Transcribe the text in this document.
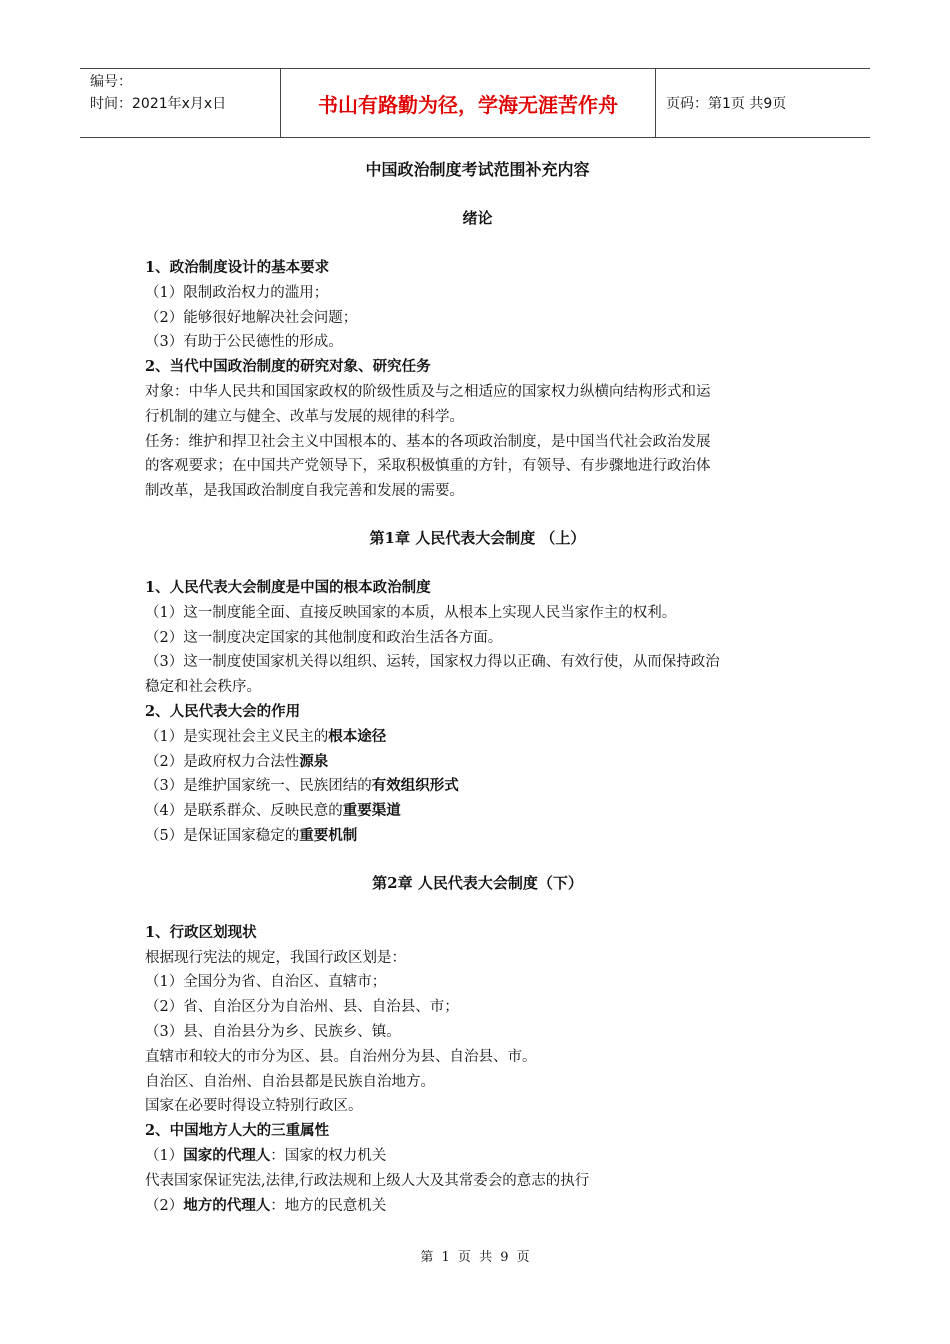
编号：
时间：2021年x月x日	书山有路勤为径，学海无涯苦作舟	页码：第1页 共9页
中国政治制度考试范围补充内容
绪论
1、政治制度设计的基本要求
（1）限制政治权力的滥用；
（2）能够很好地解决社会问题；
（3）有助于公民德性的形成。
2、当代中国政治制度的研究对象、研究任务
对象：中华人民共和国国家政权的阶级性质及与之相适应的国家权力纵横向结构形式和运
行机制的建立与健全、改革与发展的规律的科学。
任务：维护和捍卫社会主义中国根本的、基本的各项政治制度，是中国当代社会政治发展
的客观要求；在中国共产党领导下，采取积极慎重的方针，有领导、有步骤地进行政治体
制改革，是我国政治制度自我完善和发展的需要。
第1章 人民代表大会制度 （上）
1、人民代表大会制度是中国的根本政治制度
（1）这一制度能全面、直接反映国家的本质，从根本上实现人民当家作主的权利。
（2）这一制度决定国家的其他制度和政治生活各方面。
（3）这一制度使国家机关得以组织、运转，国家权力得以正确、有效行使，从而保持政治
稳定和社会秩序。
2、人民代表大会的作用
（1）是实现社会主义民主的根本途径
（2）是政府权力合法性源泉
（3）是维护国家统一、民族团结的有效组织形式
（4）是联系群众、反映民意的重要渠道
（5）是保证国家稳定的重要机制
第2章 人民代表大会制度（下）
1、行政区划现状
根据现行宪法的规定，我国行政区划是：
（1）全国分为省、自治区、直辖市；
（2）省、自治区分为自治州、县、自治县、市；
（3）县、自治县分为乡、民族乡、镇。
直辖市和较大的市分为区、县。自治州分为县、自治县、市。
自治区、自治州、自治县都是民族自治地方。
国家在必要时得设立特别行政区。
2、中国地方人大的三重属性
（1）国家的代理人：国家的权力机关
代表国家保证宪法,法律,行政法规和上级人大及其常委会的意志的执行
（2）地方的代理人：地方的民意机关
第 1 页 共 9 页
